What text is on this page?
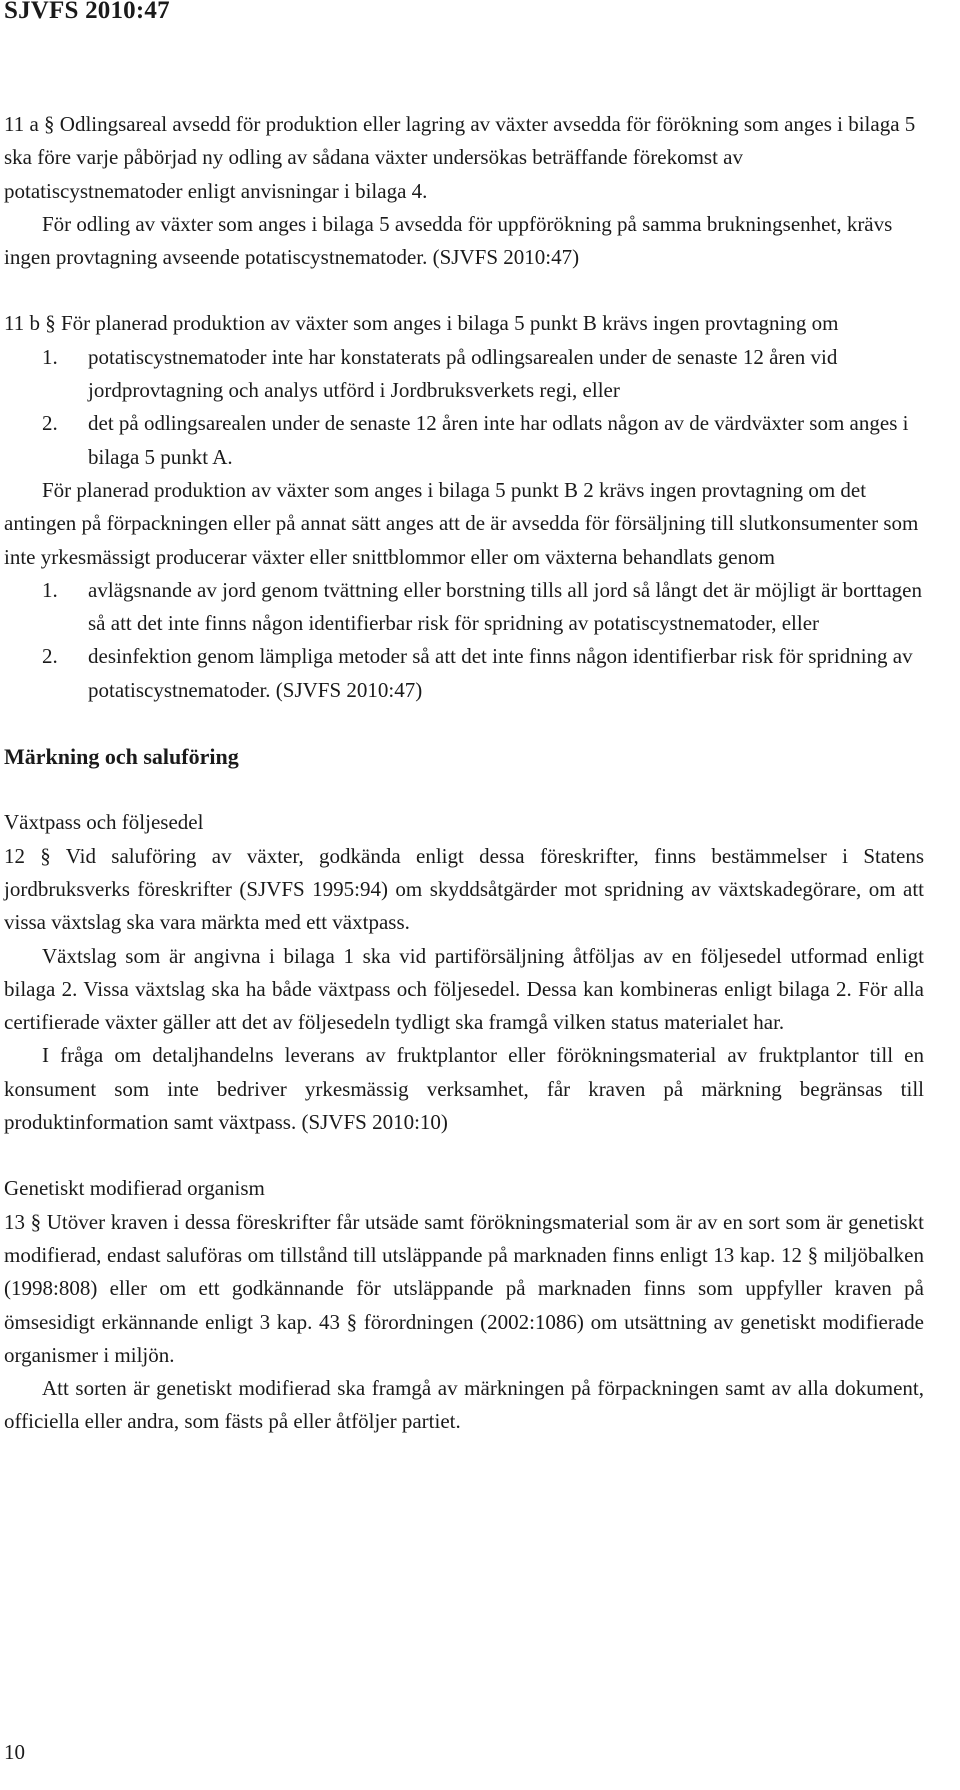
SJVFS 2010:47

11 a § Odlingsareal avsedd för produktion eller lagring av växter avsedda för förökning som anges i bilaga 5 ska före varje påbörjad ny odling av sådana växter undersökas beträffande förekomst av potatiscystnematoder enligt anvisningar i bilaga 4.

För odling av växter som anges i bilaga 5 avsedda för uppförökning på samma brukningsenhet, krävs ingen provtagning avseende potatiscystnematoder. (SJVFS 2010:47)

11 b § För planerad produktion av växter som anges i bilaga 5 punkt B krävs ingen provtagning om

1. potatiscystnematoder inte har konstaterats på odlingsarealen under de senaste 12 åren vid jordprovtagning och analys utförd i Jordbruksverkets regi, eller
2. det på odlingsarealen under de senaste 12 åren inte har odlats någon av de värdväxter som anges i bilaga 5 punkt A.

För planerad produktion av växter som anges i bilaga 5 punkt B 2 krävs ingen provtagning om det antingen på förpackningen eller på annat sätt anges att de är avsedda för försäljning till slutkonsumenter som inte yrkesmässigt producerar växter eller snittblommor eller om växterna behandlats genom

1. avlägsnande av jord genom tvättning eller borstning tills all jord så långt det är möjligt är borttagen så att det inte finns någon identifierbar risk för spridning av potatiscystnematoder, eller
2. desinfektion genom lämpliga metoder så att det inte finns någon identifierbar risk för spridning av potatiscystnematoder. (SJVFS 2010:47)

Märkning och saluföring

Växtpass och följesedel

12 § Vid saluföring av växter, godkända enligt dessa föreskrifter, finns bestämmelser i Statens jordbruksverks föreskrifter (SJVFS 1995:94) om skyddsåtgärder mot spridning av växtskadegörare, om att vissa växtslag ska vara märkta med ett växtpass.

Växtslag som är angivna i bilaga 1 ska vid partiförsäljning åtföljas av en följesedel utformad enligt bilaga 2. Vissa växtslag ska ha både växtpass och följesedel. Dessa kan kombineras enligt bilaga 2. För alla certifierade växter gäller att det av följesedeln tydligt ska framgå vilken status materialet har.

I fråga om detaljhandelns leverans av fruktplantor eller förökningsmaterial av fruktplantor till en konsument som inte bedriver yrkesmässig verksamhet, får kraven på märkning begränsas till produktinformation samt växtpass. (SJVFS 2010:10)

Genetiskt modifierad organism

13 § Utöver kraven i dessa föreskrifter får utsäde samt förökningsmaterial som är av en sort som är genetiskt modifierad, endast saluföras om tillstånd till utsläppande på marknaden finns enligt 13 kap. 12 § miljöbalken (1998:808) eller om ett godkännande för utsläppande på marknaden finns som uppfyller kraven på ömsesidigt erkännande enligt 3 kap. 43 § förordningen (2002:1086) om utsättning av genetiskt modifierade organismer i miljön.

Att sorten är genetiskt modifierad ska framgå av märkningen på förpackningen samt av alla dokument, officiella eller andra, som fästs på eller åtföljer partiet.

10
